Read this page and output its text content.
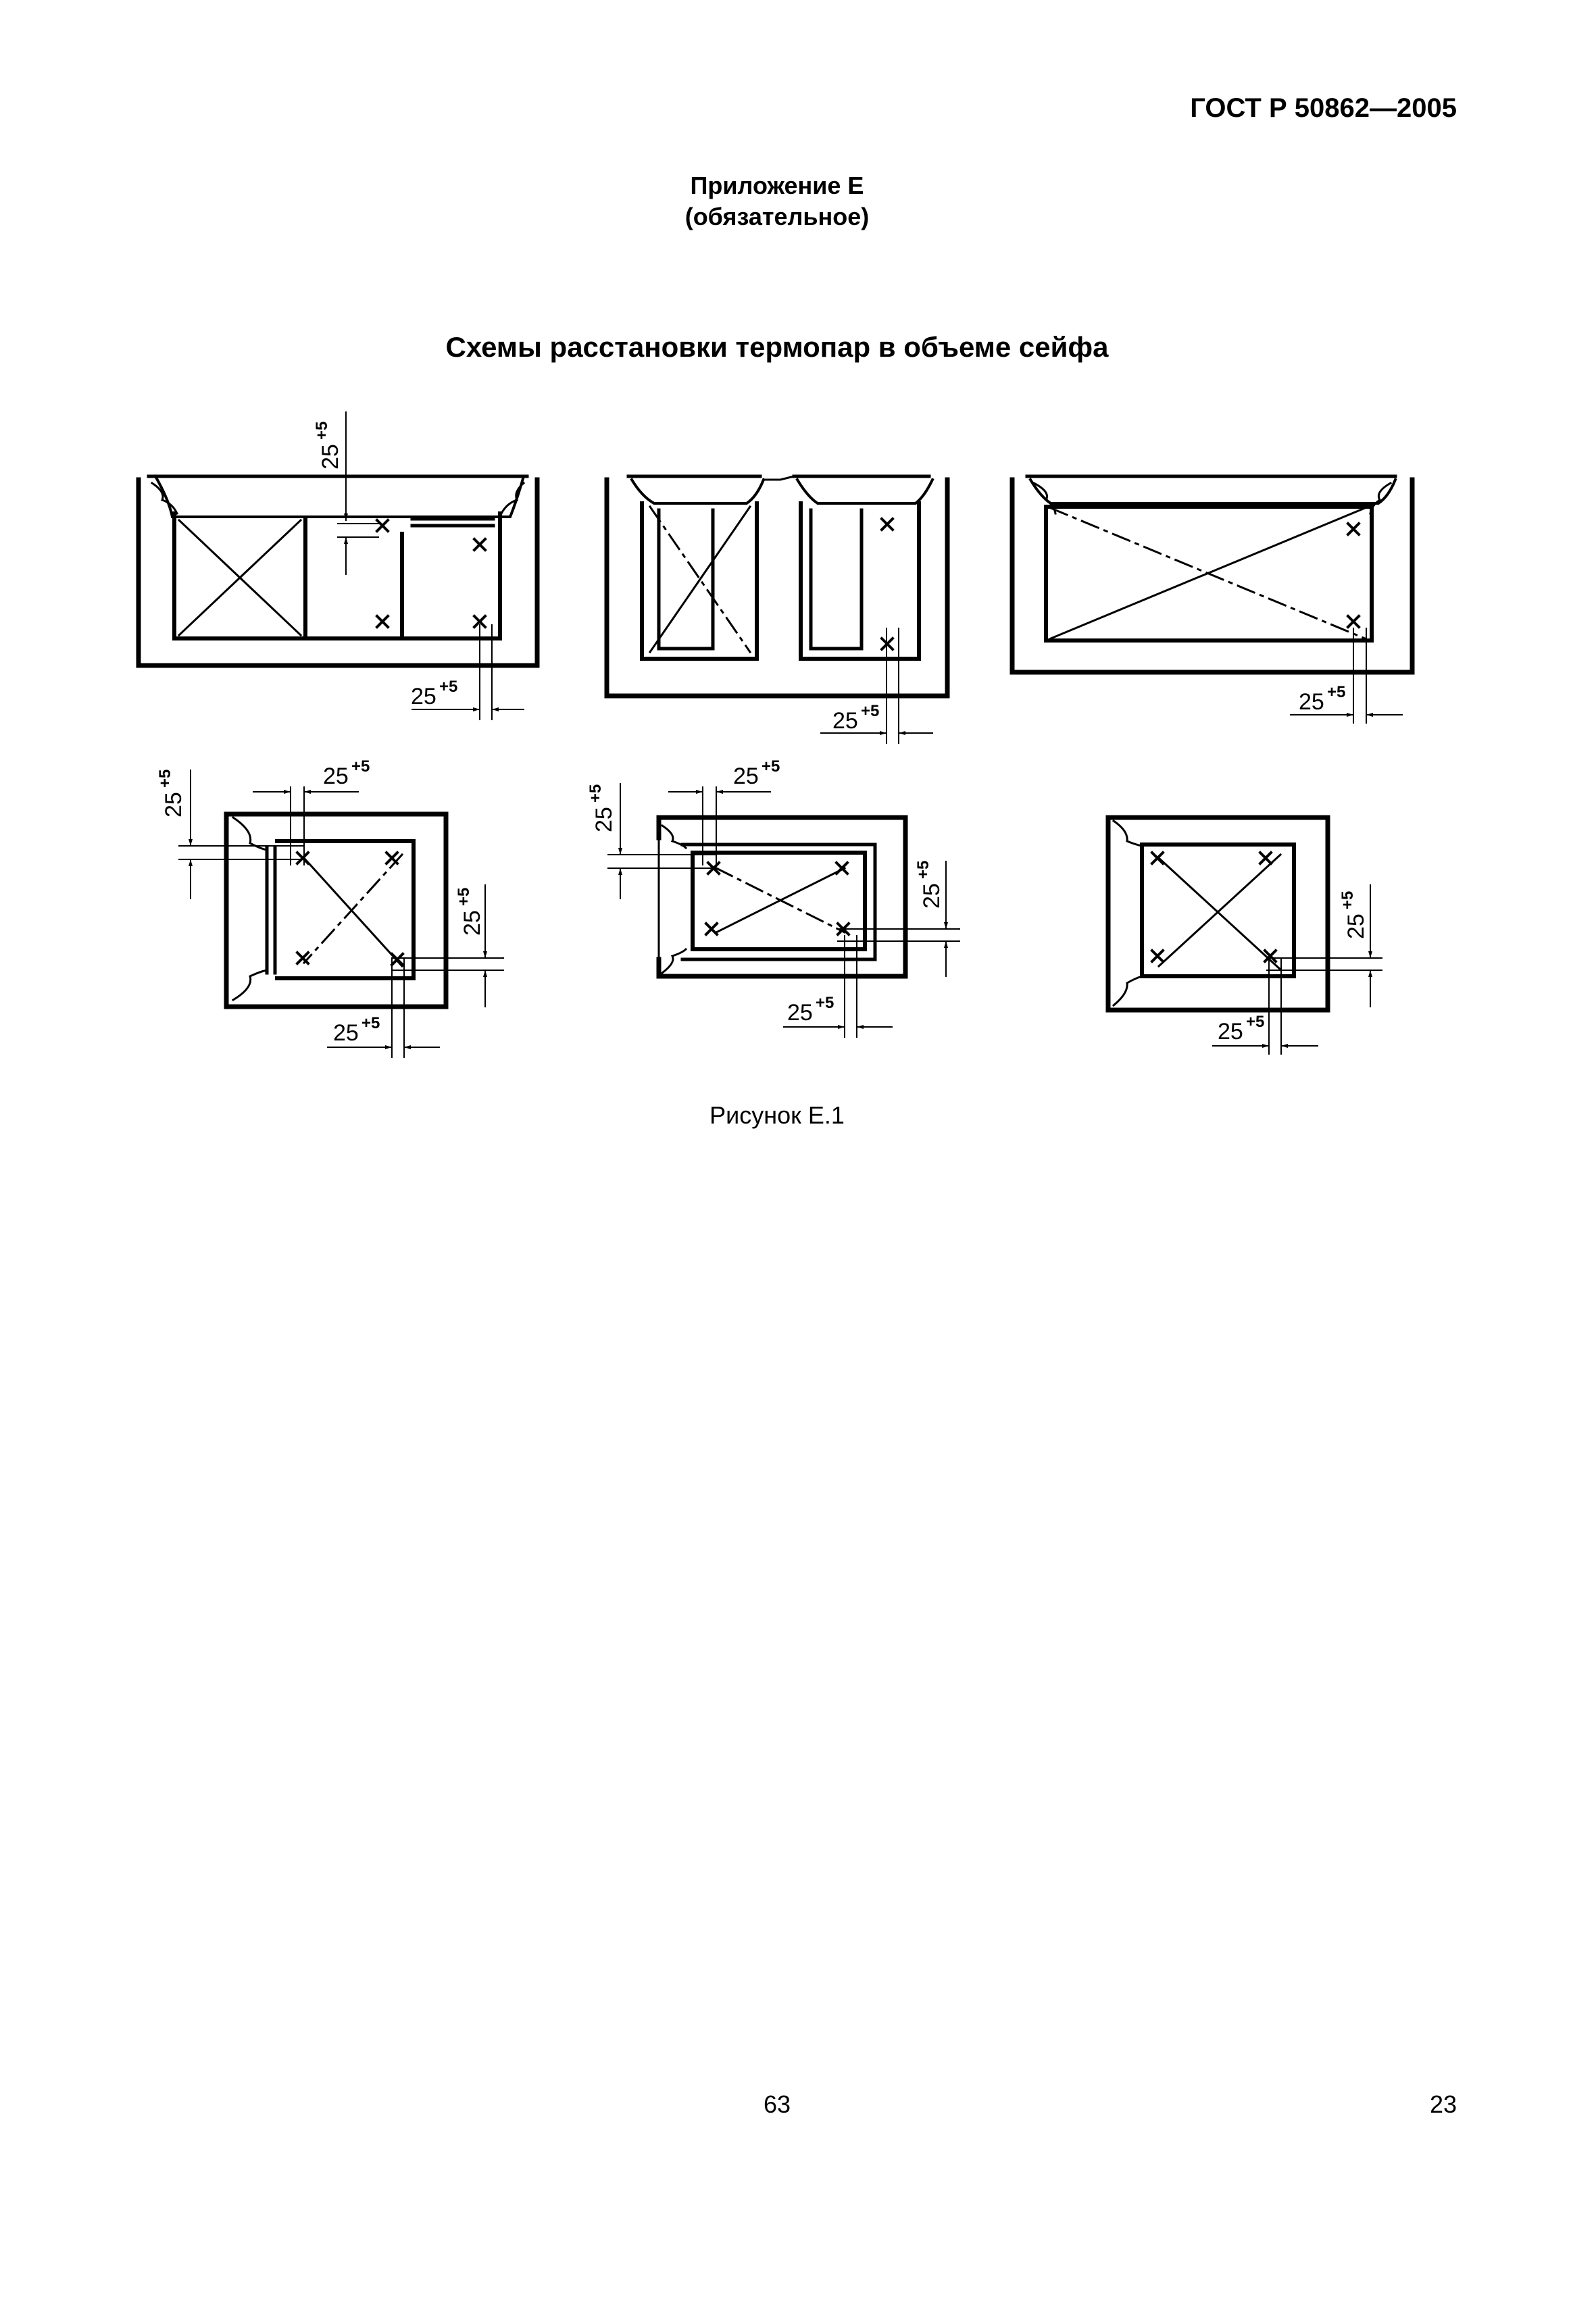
ГОСТ Р 50862—2005
Приложение Е
(обязательное)
Схемы расстановки термопар в объеме сейфа
25
+5
25
+5
25
+5
25
+5
25
+5
25
+5
25 +5
25 +5	25 +5
25 +5	25 +5
25 +5	25 +5
25 +5
Рисунок Е.1
63	23
